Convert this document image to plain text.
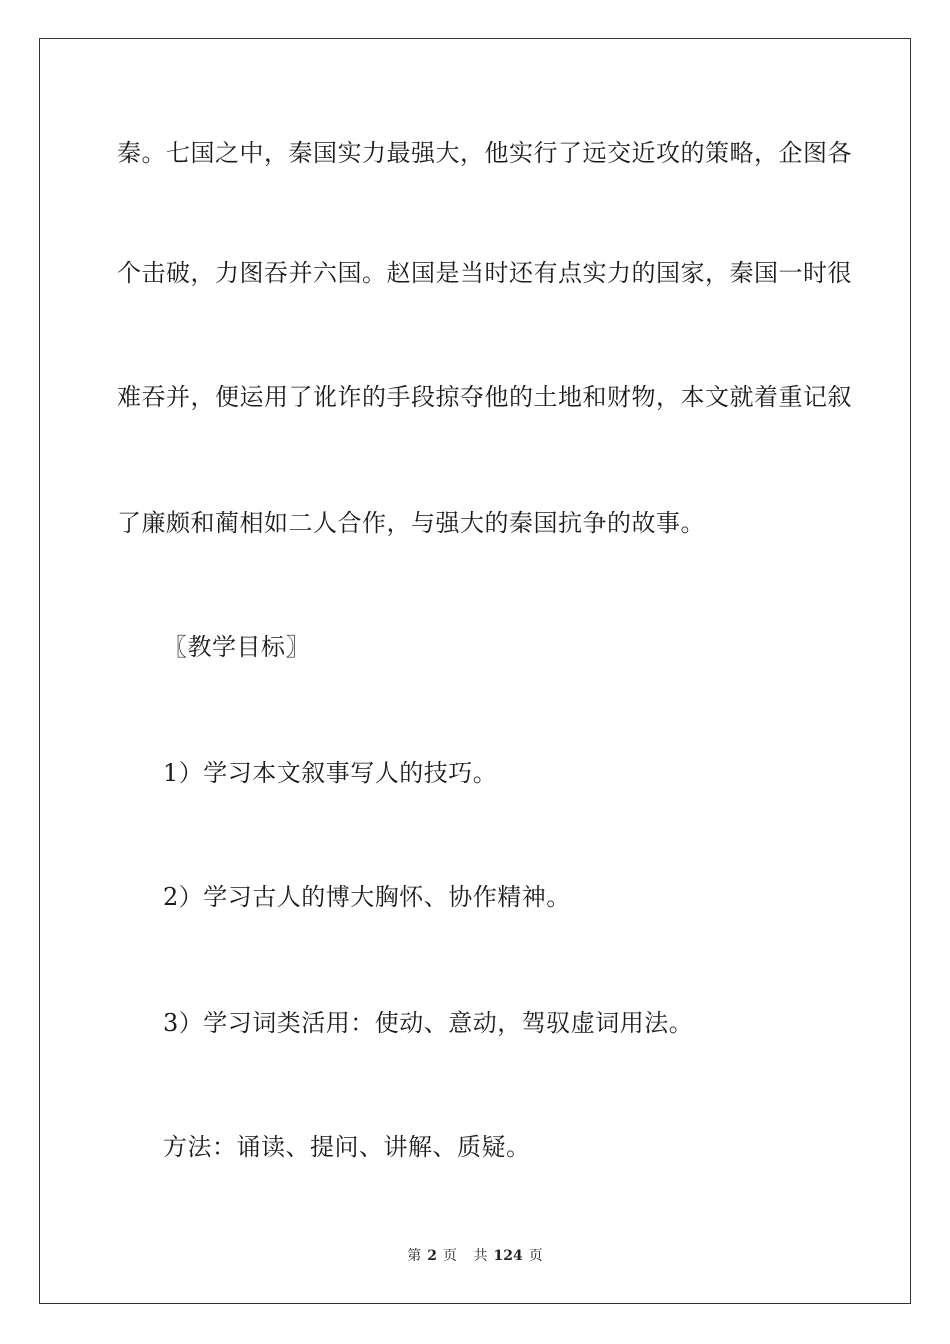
秦。七国之中，秦国实力最强大，他实行了远交近攻的策略，企图各
个击破，力图吞并六国。赵国是当时还有点实力的国家，秦国一时很
难吞并，便运用了讹诈的手段掠夺他的土地和财物，本文就着重记叙
了廉颇和蔺相如二人合作，与强大的秦国抗争的故事。
〖教学目标〗
1）学习本文叙事写人的技巧。
2）学习古人的博大胸怀、协作精神。
3）学习词类活用：使动、意动，驾驭虚词用法。
方法：诵读、提问、讲解、质疑。
第 2 页 共 124 页
